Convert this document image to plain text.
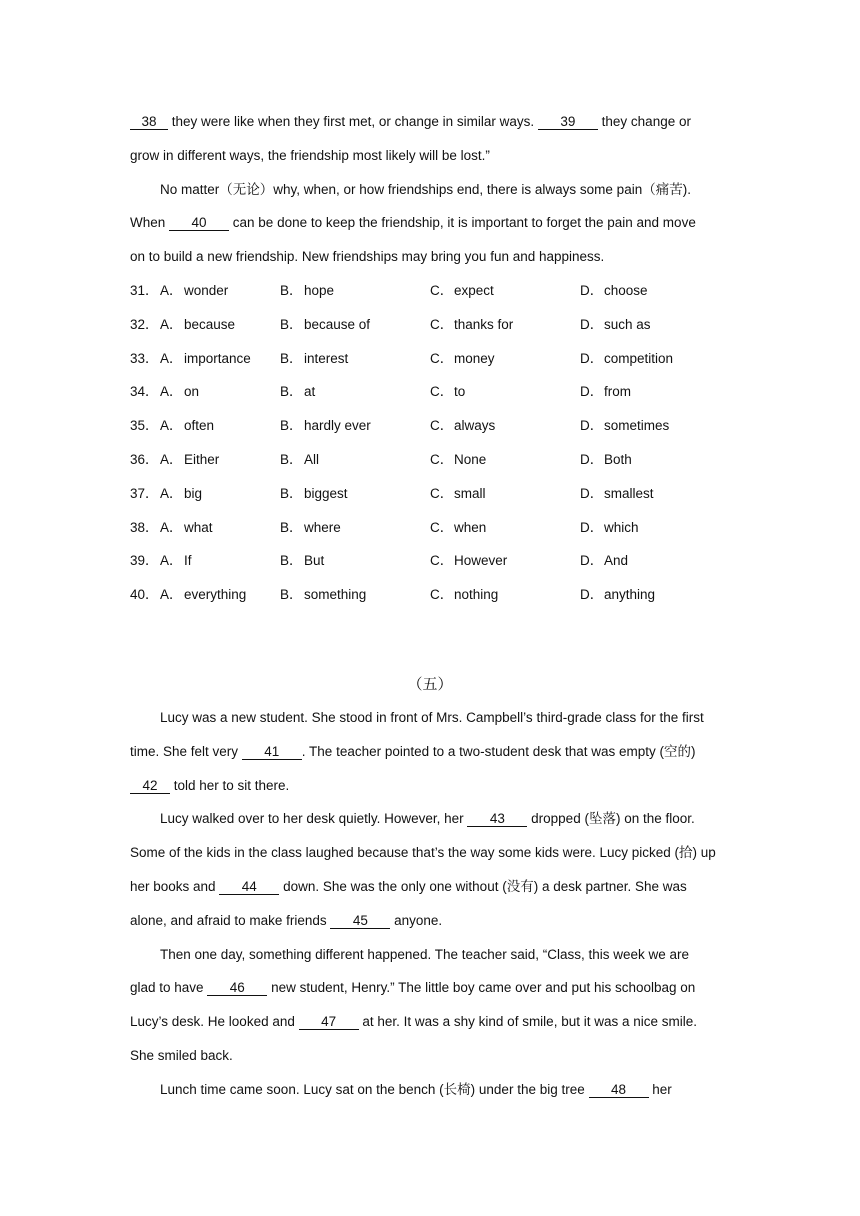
38 they were like when they first met, or change in similar ways. 39 they change or
grow in different ways, the friendship most likely will be lost.”
No matter（无论）why, when, or how friendships end, there is always some pain（痛苦).
When 40 can be done to keep the friendship, it is important to forget the pain and move
on to build a new friendship. New friendships may bring you fun and happiness.
31． A． wonder	B． hope	C． expect	D． choose
32． A． because	B． because of	C． thanks for	D． such as
33． A． importance B． interest	C． money	D． competition
34． A． on	B． at	C． to	D． from
35． A． often	B． hardly ever	C． always	D． sometimes
36． A． Either	B． All	C． None	D． Both
37． A． big	B． biggest	C． small	D． smallest
38． A． what	B． where	C． when	D． which
39． A． If	B． But	C． However	D． And
40． A． everything B． something	C． nothing	D． anything
（五）
Lucy was a new student. She stood in front of Mrs. Campbell’s third-grade class for the first
time. She felt very 41 . The teacher pointed to a two-student desk that was empty (空的)
42 told her to sit there.
Lucy walked over to her desk quietly. However, her 43 dropped (坠落) on the floor.
Some of the kids in the class laughed because that’s the way some kids were. Lucy picked (拾) up
her books and 44 down. She was the only one without (没有) a desk partner. She was
alone, and afraid to make friends 45 anyone.
Then one day, something different happened. The teacher said, “Class, this week we are
glad to have 46 new student, Henry.” The little boy came over and put his schoolbag on
Lucy’s desk. He looked and 47 at her. It was a shy kind of smile, but it was a nice smile.
She smiled back.
Lunch time came soon. Lucy sat on the bench (长椅) under the big tree 48 her
